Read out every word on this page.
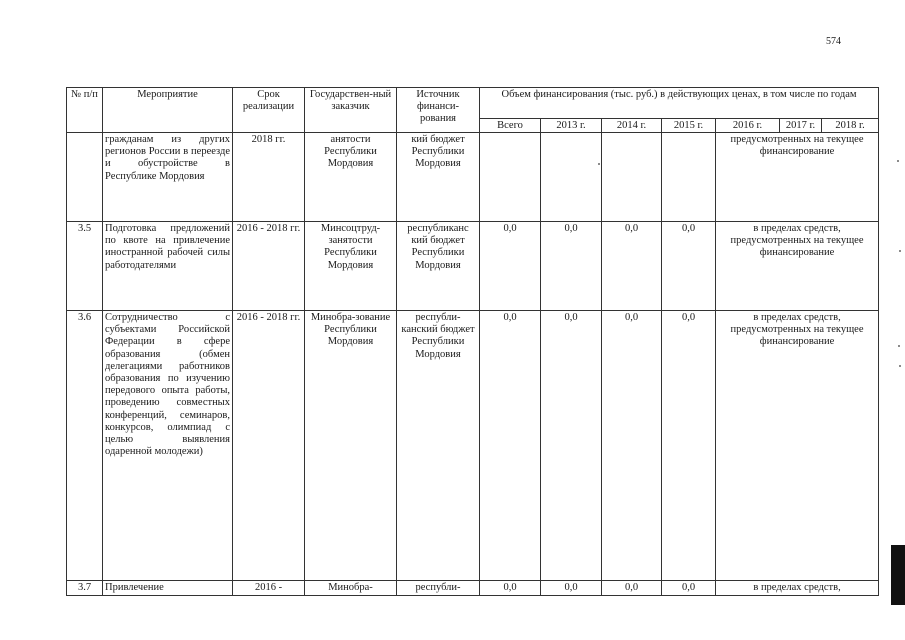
574
№ п/п	Мероприятие	Срок реализации	Государствен-ный заказчик	Источник финанси-рования	Объем финансирования (тыс. руб.) в действующих ценах, в том числе по годам						
					Всего	2013 г.	2014 г.	2015 г.	2016 г.	2017 г.	2018 г.
	гражданам из других регионов России в переезде и обустройстве в Республике Мордовия	2018 гг.	анятости Республики Мордовия	кий бюджет Республики Мордовия					предусмотренных на текущее финансирование		
3.5	Подготовка предложений по квоте на привлечение иностранной рабочей силы работодателями	2016 - 2018 гг.	Минсоцтруд-занятости Республики Мордовия	республиканс кий бюджет Республики Мордовия	0,0	0,0	0,0	0,0	в пределах средств, предусмотренных на текущее финансирование		
3.6	Сотрудничество с субъектами Российской Федерации в сфере образования (обмен делегациями работников образования по изучению передового опыта работы, проведению совместных конференций, семинаров, конкурсов, олимпиад с целью выявления одаренной молодежи)	2016 - 2018 гг.	Минобра-зование Республики Мордовия	республи-канский бюджет Республики Мордовия	0,0	0,0	0,0	0,0	в пределах средств, предусмотренных на текущее финансирование		
3.7	Привлечение	2016 -	Минобра-	республи-	0,0	0,0	0,0	0,0	в пределах средств,		
